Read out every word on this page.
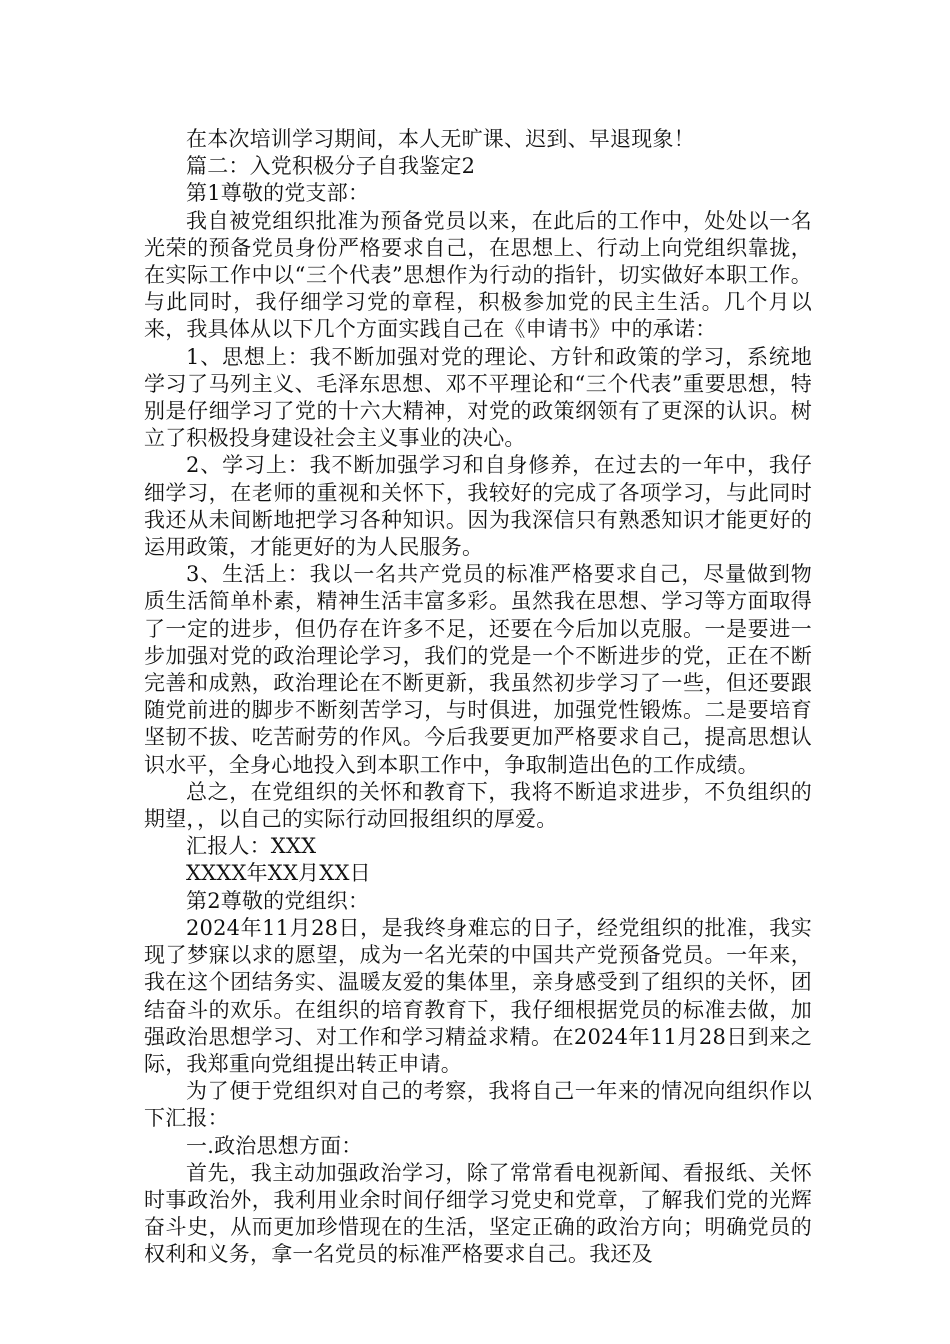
在本次培训学习期间，本人无旷课、迟到、早退现象！

篇二：入党积极分子自我鉴定2

第1尊敬的党支部：

我自被党组织批准为预备党员以来，在此后的工作中，处处以一名光荣的预备党员身份严格要求自己，在思想上、行动上向党组织靠拢，在实际工作中以“三个代表”思想作为行动的指针，切实做好本职工作。与此同时，我仔细学习党的章程，积极参加党的民主生活。几个月以来，我具体从以下几个方面实践自己在《申请书》中的承诺：

1、思想上：我不断加强对党的理论、方针和政策的学习，系统地学习了马列主义、毛泽东思想、邓不平理论和“三个代表”重要思想，特别是仔细学习了党的十六大精神，对党的政策纲领有了更深的认识。树立了积极投身建设社会主义事业的决心。

2、学习上：我不断加强学习和自身修养，在过去的一年中，我仔细学习，在老师的重视和关怀下，我较好的完成了各项学习，与此同时我还从未间断地把学习各种知识。因为我深信只有熟悉知识才能更好的运用政策，才能更好的为人民服务。

3、生活上：我以一名共产党员的标准严格要求自己，尽量做到物质生活简单朴素，精神生活丰富多彩。虽然我在思想、学习等方面取得了一定的进步，但仍存在许多不足，还要在今后加以克服。一是要进一步加强对党的政治理论学习，我们的党是一个不断进步的党，正在不断完善和成熟，政治理论在不断更新，我虽然初步学习了一些，但还要跟随党前进的脚步不断刻苦学习，与时俱进，加强党性锻炼。二是要培育坚韧不拔、吃苦耐劳的作风。今后我要更加严格要求自己，提高思想认识水平，全身心地投入到本职工作中，争取制造出色的工作成绩。

总之，在党组织的关怀和教育下，我将不断追求进步，不负组织的期望，，以自己的实际行动回报组织的厚爱。

汇报人：XXX

XXXX年XX月XX日

第2尊敬的党组织：

2024年11月28日，是我终身难忘的日子，经党组织的批准，我实现了梦寐以求的愿望，成为一名光荣的中国共产党预备党员。一年来，我在这个团结务实、温暖友爱的集体里，亲身感受到了组织的关怀，团结奋斗的欢乐。在组织的培育教育下，我仔细根据党员的标准去做，加强政治思想学习、对工作和学习精益求精。在2024年11月28日到来之际，我郑重向党组提出转正申请。

为了便于党组织对自己的考察，我将自己一年来的情况向组织作以下汇报：

一.政治思想方面：

首先，我主动加强政治学习，除了常常看电视新闻、看报纸、关怀时事政治外，我利用业余时间仔细学习党史和党章，了解我们党的光辉奋斗史，从而更加珍惜现在的生活，坚定正确的政治方向；明确党员的权利和义务，拿一名党员的标准严格要求自己。我还及
